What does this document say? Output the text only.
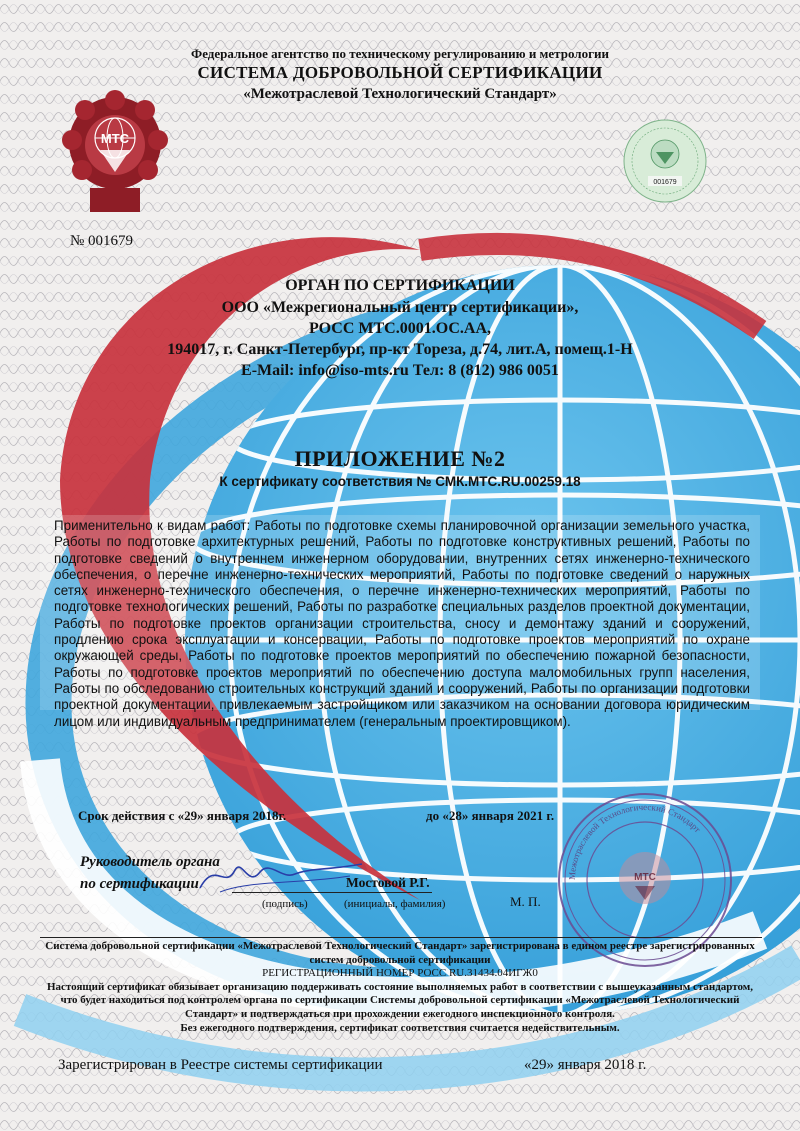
Федеральное агентство по техническому регулированию и метрологии
СИСТЕМА ДОБРОВОЛЬНОЙ СЕРТИФИКАЦИИ
«Межотраслевой Технологический Стандарт»
МТС
№ 001679
001679
ОРГАН ПО СЕРТИФИКАЦИИ
ООО «Межрегиональный центр сертификации»,
РОСС МТС.0001.ОС.АА,
194017, г. Санкт-Петербург, пр-кт Тореза, д.74, лит.А, помещ.1-Н
E-Mail: info@iso-mts.ru Тел: 8 (812) 986 0051
ПРИЛОЖЕНИЕ №2
К сертификату соответствия № СМК.МТС.RU.00259.18
Применительно к видам работ: Работы по подготовке схемы планировочной организации земельного участка, Работы по подготовке архитектурных решений, Работы по подготовке конструктивных решений, Работы по подготовке сведений о внутреннем инженерном оборудовании, внутренних сетях инженерно-технического обеспечения, о перечне инженерно-технических мероприятий, Работы по подготовке сведений о наружных сетях инженерно-технического обеспечения, о перечне инженерно-технических мероприятий, Работы по подготовке технологических решений, Работы по разработке специальных разделов проектной документации, Работы по подготовке проектов организации строительства, сносу и демонтажу зданий и сооружений, продлению срока эксплуатации и консервации, Работы по подготовке проектов мероприятий по охране окружающей среды, Работы по подготовке проектов мероприятий по обеспечению пожарной безопасности, Работы по подготовке проектов мероприятий по обеспечению доступа маломобильных групп населения, Работы по обследованию строительных конструкций зданий и сооружений, Работы по организации подготовки проектной документации, привлекаемым застройщиком или заказчиком на основании договора юридическим лицом или индивидуальным предпринимателем (генеральным проектировщиком).
Срок действия с «29» января 2018г.	до «28» января 2021 г.
Руководитель органа
по сертификации	Мостовой Р.Г.
(подпись)	(инициалы, фамилия)	М. П.
Межотраслевой Технологический Стандарт
МТС
Система добровольной сертификации «Межотраслевой Технологический Стандарт» зарегистрирована в едином реестре зарегистрированных
систем добровольной сертификации
РЕГИСТРАЦИОННЫЙ НОМЕР РОСС RU.31434.04ИГЖ0
Настоящий сертификат обязывает организацию поддерживать состояние выполняемых работ в соответствии с вышеуказанным стандартом,
что будет находиться под контролем органа по сертификации Системы добровольной сертификации «Межотраслевой Технологический
Стандарт» и подтверждаться при прохождении ежегодного инспекционного контроля.
Без ежегодного подтверждения, сертификат соответствия считается недействительным.
Зарегистрирован в Реестре системы сертификации	«29» января 2018 г.
